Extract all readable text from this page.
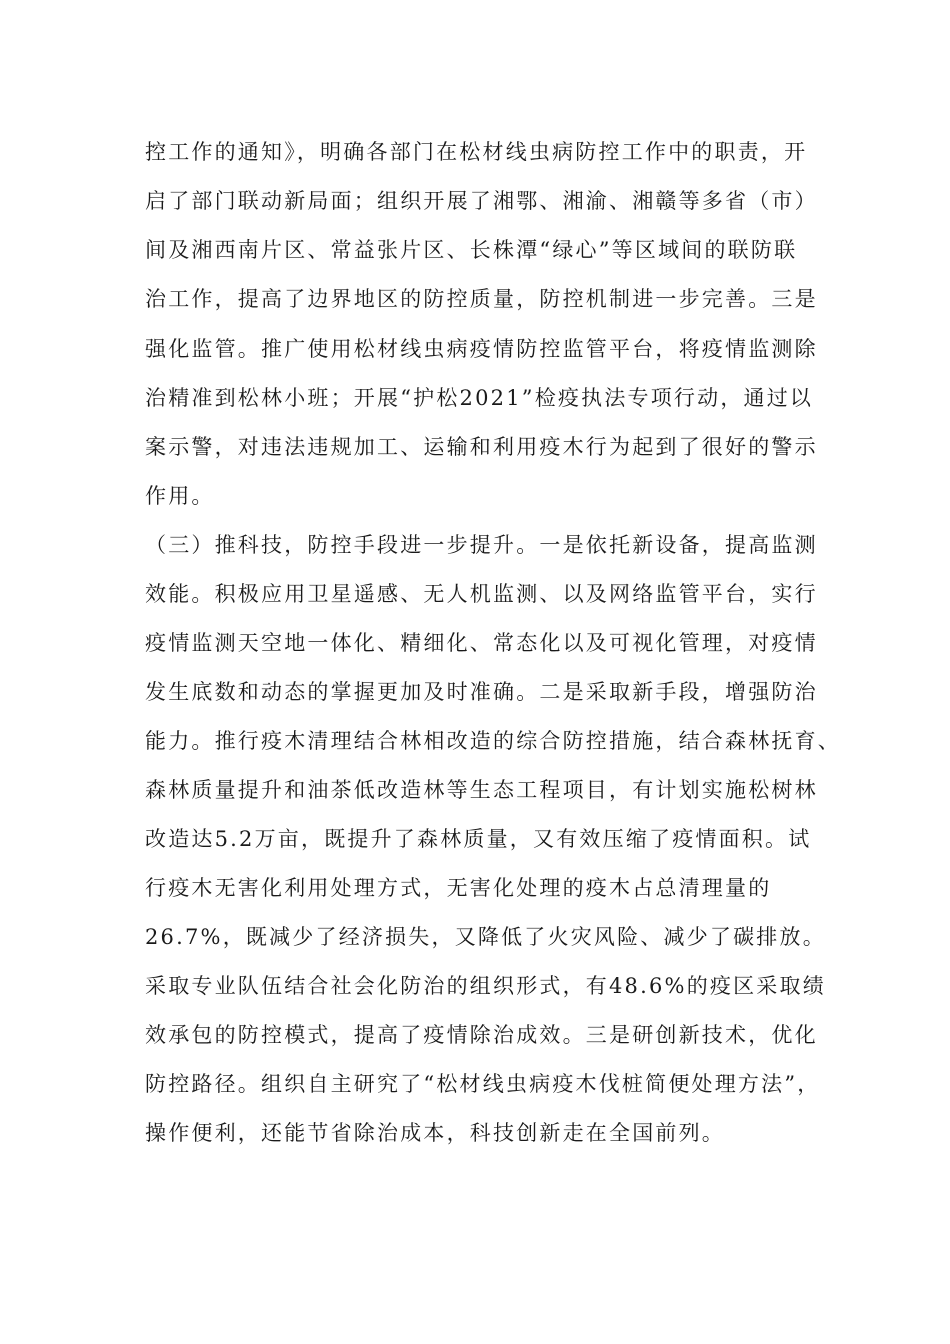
控工作的通知》，明确各部门在松材线虫病防控工作中的职责，开

启了部门联动新局面；组织开展了湘鄂、湘渝、湘赣等多省（市）

间及湘西南片区、常益张片区、长株潭“绿心”等区域间的联防联

治工作，提高了边界地区的防控质量，防控机制进一步完善。三是

强化监管。推广使用松材线虫病疫情防控监管平台，将疫情监测除

治精准到松林小班；开展“护松2021”检疫执法专项行动，通过以

案示警，对违法违规加工、运输和利用疫木行为起到了很好的警示

作用。

（三）推科技，防控手段进一步提升。一是依托新设备，提高监测

效能。积极应用卫星遥感、无人机监测、以及网络监管平台，实行

疫情监测天空地一体化、精细化、常态化以及可视化管理，对疫情

发生底数和动态的掌握更加及时准确。二是采取新手段，增强防治

能力。推行疫木清理结合林相改造的综合防控措施，结合森林抚育、

森林质量提升和油茶低改造林等生态工程项目，有计划实施松树林

改造达5.2万亩，既提升了森林质量，又有效压缩了疫情面积。试

行疫木无害化利用处理方式，无害化处理的疫木占总清理量的

26.7%，既减少了经济损失，又降低了火灾风险、减少了碳排放。

采取专业队伍结合社会化防治的组织形式，有48.6%的疫区采取绩

效承包的防控模式，提高了疫情除治成效。三是研创新技术，优化

防控路径。组织自主研究了“松材线虫病疫木伐桩简便处理方法”，

操作便利，还能节省除治成本，科技创新走在全国前列。
